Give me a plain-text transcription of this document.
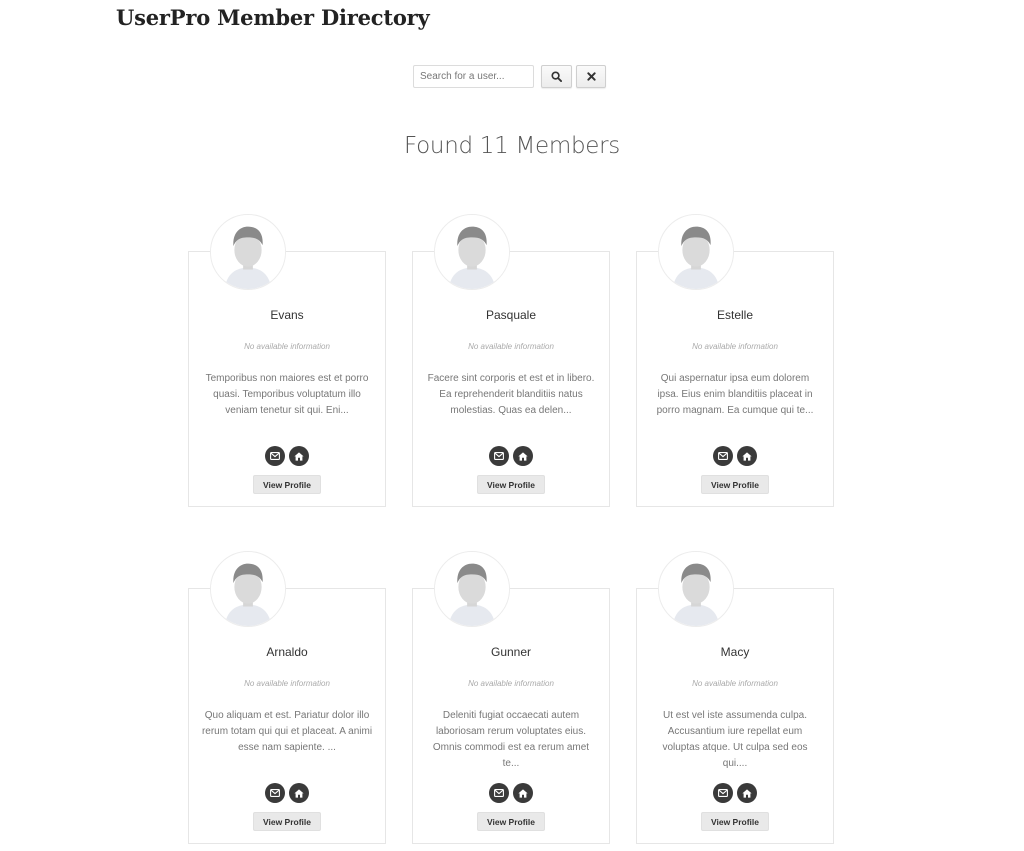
UserPro Member Directory
Search for a user...
Found 11 Members
Evans
No available information
Temporibus non maiores est et porro quasi. Temporibus voluptatum illo veniam tenetur sit qui. Eni...
View Profile
Pasquale
No available information
Facere sint corporis et est et in libero. Ea reprehenderit blanditiis natus molestias. Quas ea delen...
View Profile
Estelle
No available information
Qui aspernatur ipsa eum dolorem ipsa. Eius enim blanditiis placeat in porro magnam. Ea cumque qui te...
View Profile
Arnaldo
No available information
Quo aliquam et est. Pariatur dolor illo rerum totam qui qui et placeat. A animi esse nam sapiente. ...
View Profile
Gunner
No available information
Deleniti fugiat occaecati autem laboriosam rerum voluptates eius. Omnis commodi est ea rerum amet te...
View Profile
Macy
No available information
Ut est vel iste assumenda culpa. Accusantium iure repellat eum voluptas atque. Ut culpa sed eos qui....
View Profile
